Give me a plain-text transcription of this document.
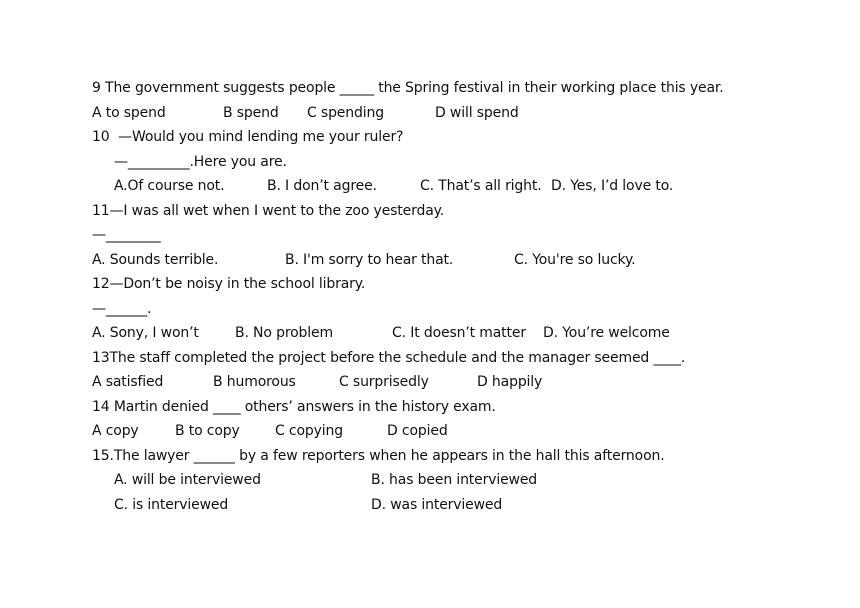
9 The government suggests people _____ the Spring festival in their working place this year.

A to spend

	B spend

C spending

	D will spend

10  —Would you mind lending me your ruler?
—_________.Here you are.

A.Of course not.

	B. I don’t agree.

	C. That’s all right.

D. Yes, I’d love to.

11—I was all wet when I went to the zoo yesterday.
—________

A. Sounds terrible.

	B. I'm sorry to hear that.

	C. You're so lucky.

12—Don’t be noisy in the school library.
—______.

A. Sony, I won’t

	B. No problem

	C. It doesn’t matter

D. You’re welcome

13The staff completed the project before the schedule and the manager seemed ____.

A satisfied

	B humorous

	C surprisedly

	D happily

14 Martin denied ____ others’ answers in the history exam.

A copy

	B to copy

	C copying

	D copied

15.The lawyer ______ by a few reporters when he appears in the hall this afternoon.

A. will be interviewed

	B. has been interviewed

C. is interviewed

	D. was interviewed
